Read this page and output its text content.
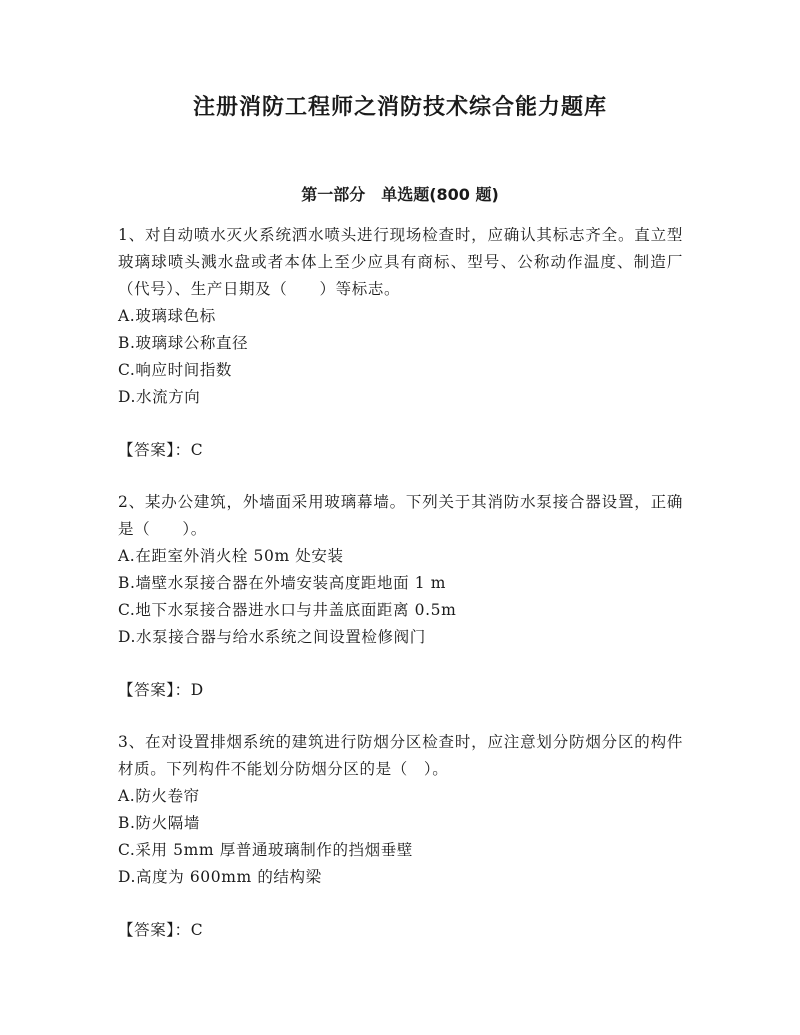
注册消防工程师之消防技术综合能力题库
第一部分　单选题(800 题)

1、对自动喷水灭火系统洒水喷头进行现场检查时，应确认其标志齐全。直立型玻璃球喷头溅水盘或者本体上至少应具有商标、型号、公称动作温度、制造厂（代号）、生产日期及（　　）等标志。

A.玻璃球色标

B.玻璃球公称直径

C.响应时间指数

D.水流方向

【答案】：C

2、某办公建筑，外墙面采用玻璃幕墙。下列关于其消防水泵接合器设置，正确是（　　）。

A.在距室外消火栓 50m 处安装

B.墙壁水泵接合器在外墙安装高度距地面 1 m

C.地下水泵接合器进水口与井盖底面距离 0.5m

D.水泵接合器与给水系统之间设置检修阀门

【答案】：D

3、在对设置排烟系统的建筑进行防烟分区检查时，应注意划分防烟分区的构件材质。下列构件不能划分防烟分区的是（　）。

A.防火卷帘

B.防火隔墙

C.采用 5mm 厚普通玻璃制作的挡烟垂壁

D.高度为 600mm 的结构梁

【答案】：C
